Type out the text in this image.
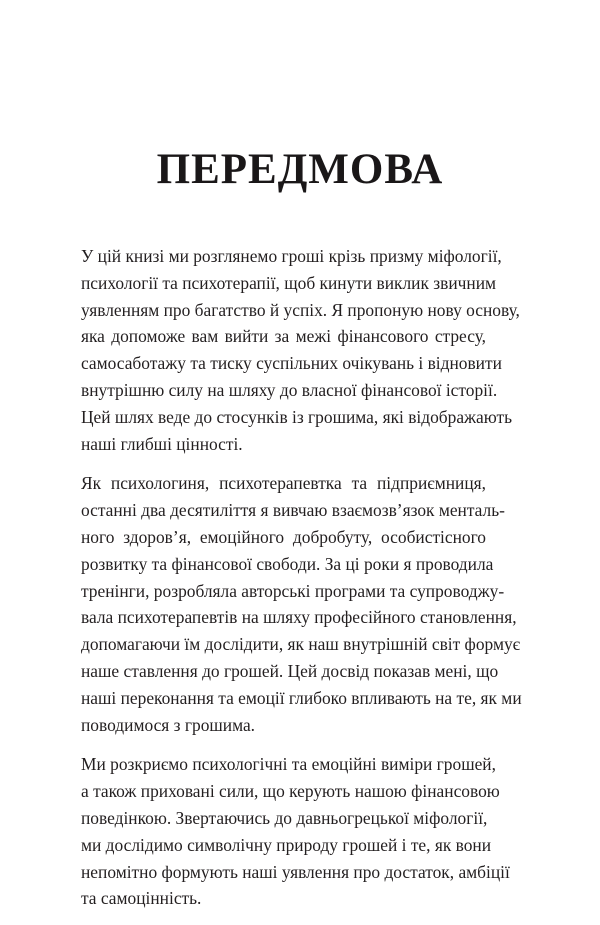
ПЕРЕДМОВА

У цій книзі ми розглянемо гроші крізь призму міфології,
психології та психотерапії, щоб кинути виклик звичним
уявленням про багатство й успіх. Я пропоную нову основу,
яка допоможе вам вийти за межі фінансового стресу,
самосаботажу та тиску суспільних очікувань і відновити
внутрішню силу на шляху до власної фінансової історії.
Цей шлях веде до стосунків із грошима, які відображають
наші глибші цінності.

Як психологиня, психотерапевтка та підприємниця,
останні два десятиліття я вивчаю взаємозв’язок менталь-
ного здоров’я, емоційного добробуту, особистісного
розвитку та фінансової свободи. За ці роки я проводила
тренінги, розробляла авторські програми та супроводжу-
вала психотерапевтів на шляху професійного становлення,
допомагаючи їм дослідити, як наш внутрішній світ формує
наше ставлення до грошей. Цей досвід показав мені, що
наші переконання та емоції глибоко впливають на те, як ми
поводимося з грошима.

Ми розкриємо психологічні та емоційні виміри грошей,
а також приховані сили, що керують нашою фінансовою
поведінкою. Звертаючись до давньогрецької міфології,
ми дослідимо символічну природу грошей і те, як вони
непомітно формують наші уявлення про достаток, амбіції
та самоцінність.
